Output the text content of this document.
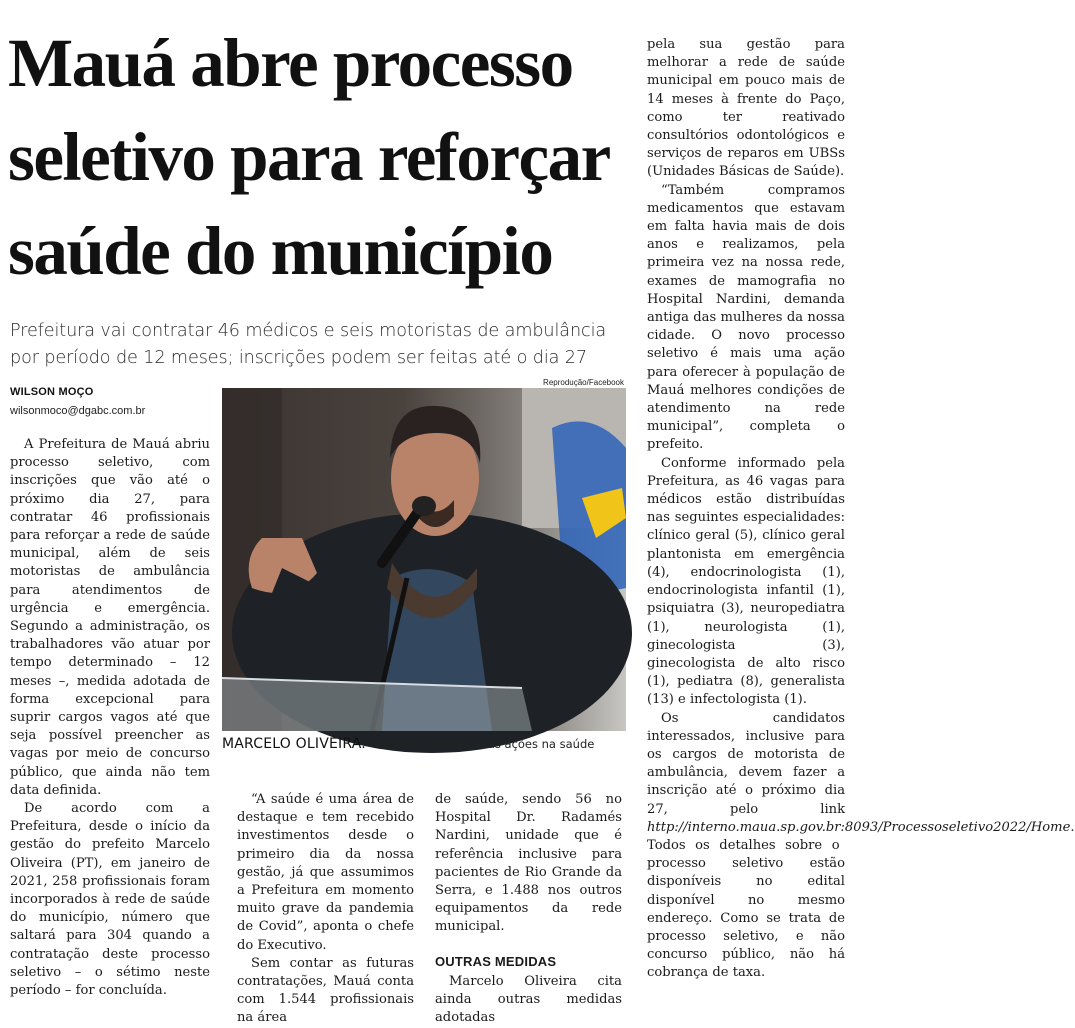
Mauá abre processo seletivo para reforçar saúde do município
Prefeitura vai contratar 46 médicos e seis motoristas de ambulância por período de 12 meses; inscrições podem ser feitas até o dia 27
WILSON MOÇO
wilsonmoco@dgabc.com.br

A Prefeitura de Mauá abriu processo seletivo, com inscrições que vão até o próximo dia 27, para contratar 46 profissionais para reforçar a rede de saúde municipal, além de seis motoristas de ambulância para atendimentos de urgência e emergência. Segundo a administração, os trabalhadores vão atuar por tempo determinado – 12 meses –, medida adotada de forma excepcional para suprir cargos vagos até que seja possível preencher as vagas por meio de concurso público, que ainda não tem data definida.

De acordo com a Prefeitura, desde o início da gestão do prefeito Marcelo Oliveira (PT), em janeiro de 2021, 258 profissionais foram incorporados à rede de saúde do município, número que saltará para 304 quando a contratação deste processo seletivo – o sétimo neste período – for concluída.

Reprodução/Facebook
MARCELO OLIVEIRA. Prefeito aponta outras ações na saúde

“A saúde é uma área de destaque e tem recebido investimentos desde o primeiro dia da nossa gestão, já que assumimos a Prefeitura em momento muito grave da pandemia de Covid”, aponta o chefe do Executivo.

Sem contar as futuras contratações, Mauá conta com 1.544 profissionais na área

de saúde, sendo 56 no Hospital Dr. Radamés Nardini, unidade que é referência inclusive para pacientes de Rio Grande da Serra, e 1.488 nos outros equipamentos da rede municipal.

OUTRAS MEDIDAS

Marcelo Oliveira cita ainda outras medidas adotadas

pela sua gestão para melhorar a rede de saúde municipal em pouco mais de 14 meses à frente do Paço, como ter reativado consultórios odontológicos e serviços de reparos em UBSs (Unidades Básicas de Saúde).

“Também compramos medicamentos que estavam em falta havia mais de dois anos e realizamos, pela primeira vez na nossa rede, exames de mamografia no Hospital Nardini, demanda antiga das mulheres da nossa cidade. O novo processo seletivo é mais uma ação para oferecer à população de Mauá melhores condições de atendimento na rede municipal”, completa o prefeito.

Conforme informado pela Prefeitura, as 46 vagas para médicos estão distribuídas nas seguintes especialidades: clínico geral (5), clínico geral plantonista em emergência (4), endocrinologista (1), endocrinologista infantil (1), psiquiatra (3), neuropediatra (1), neurologista (1), ginecologista (3), ginecologista de alto risco (1), pediatra (8), generalista (13) e infectologista (1).

Os candidatos interessados, inclusive para os cargos de motorista de ambulância, devem fazer a inscrição até o próximo dia 27, pelo link http://interno.maua.sp.gov.br:8093/Processoseletivo2022/Home. Todos os detalhes sobre o processo seletivo estão disponíveis no edital disponível no mesmo endereço. Como se trata de processo seletivo, e não concurso público, não há cobrança de taxa.
